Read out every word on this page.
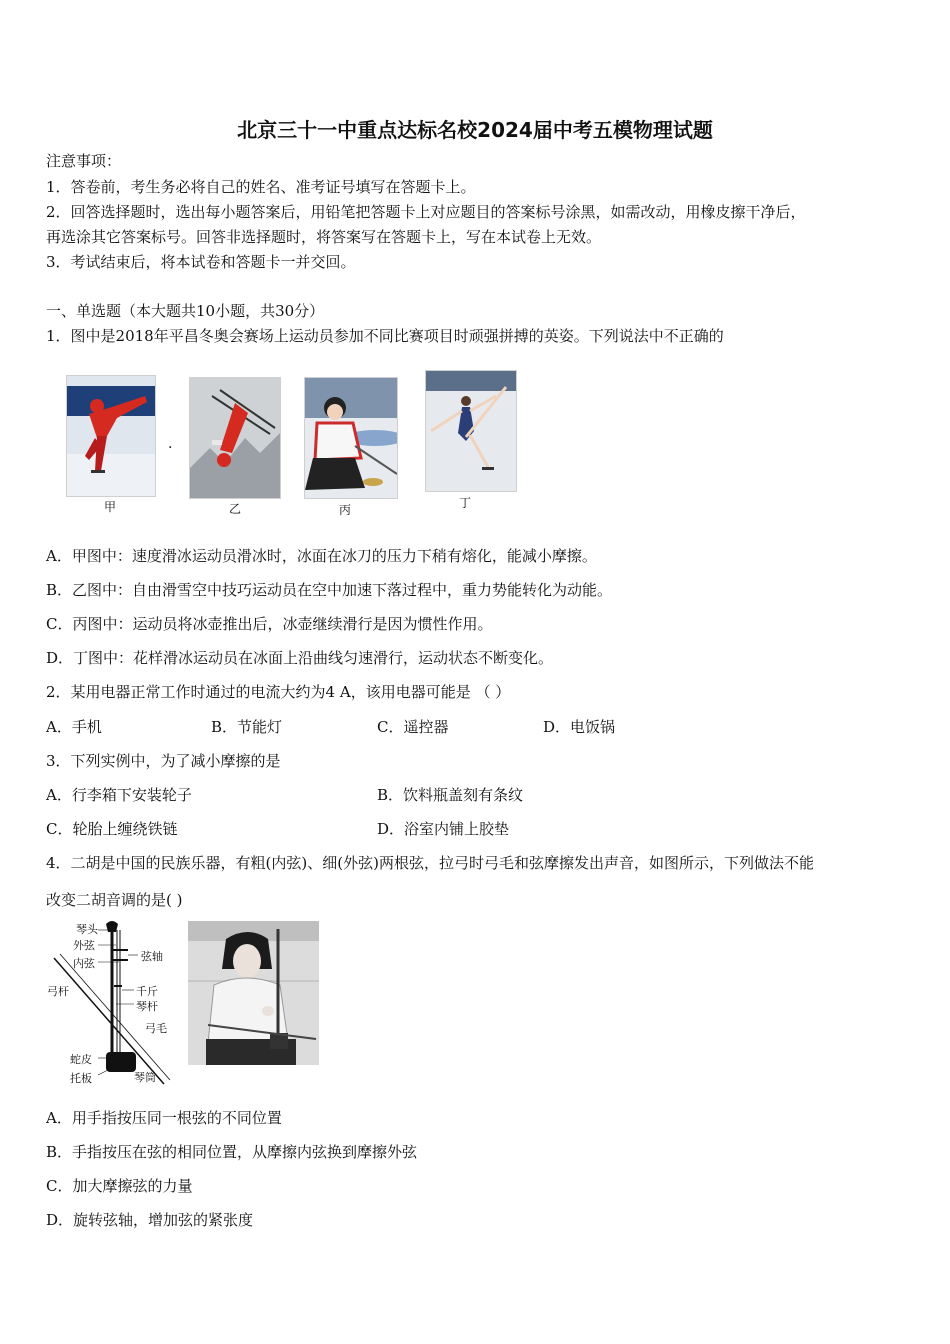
北京三十一中重点达标名校2024届中考五模物理试题
注意事项：
1．答卷前，考生务必将自己的姓名、准考证号填写在答题卡上。
2．回答选择题时，选出每小题答案后，用铅笔把答题卡上对应题目的答案标号涂黑，如需改动，用橡皮擦干净后，
再选涂其它答案标号。回答非选择题时，将答案写在答题卡上，写在本试卷上无效。
3．考试结束后，将本试卷和答题卡一并交回。
一、单选题（本大题共10小题，共30分）
1．图中是2018年平昌冬奥会赛场上运动员参加不同比赛项目时顽强拼搏的英姿。下列说法中不正确的
.
甲	乙	丙	丁
A．甲图中：速度滑冰运动员滑冰时，冰面在冰刀的压力下稍有熔化，能减小摩擦。
B．乙图中：自由滑雪空中技巧运动员在空中加速下落过程中，重力势能转化为动能。
C．丙图中：运动员将冰壶推出后，冰壶继续滑行是因为惯性作用。
D．丁图中：花样滑冰运动员在冰面上沿曲线匀速滑行，运动状态不断变化。
2．某用电器正常工作时通过的电流大约为4 A，该用电器可能是 （ ）
A．手机	B．节能灯	C．遥控器	D．电饭锅
3．下列实例中，为了减小摩擦的是
A．行李箱下安装轮子	B．饮料瓶盖刻有条纹
C．轮胎上缠绕铁链	D．浴室内铺上胶垫
4．二胡是中国的民族乐器，有粗(内弦)、细(外弦)两根弦，拉弓时弓毛和弦摩擦发出声音，如图所示，下列做法不能
改变二胡音调的是( )
琴头
外弦
弦轴
内弦
弓杆	千斤
琴杆
弓毛
蛇皮
托板	琴筒
A．用手指按压同一根弦的不同位置
B．手指按压在弦的相同位置，从摩擦内弦换到摩擦外弦
C．加大摩擦弦的力量
D．旋转弦轴，增加弦的紧张度
